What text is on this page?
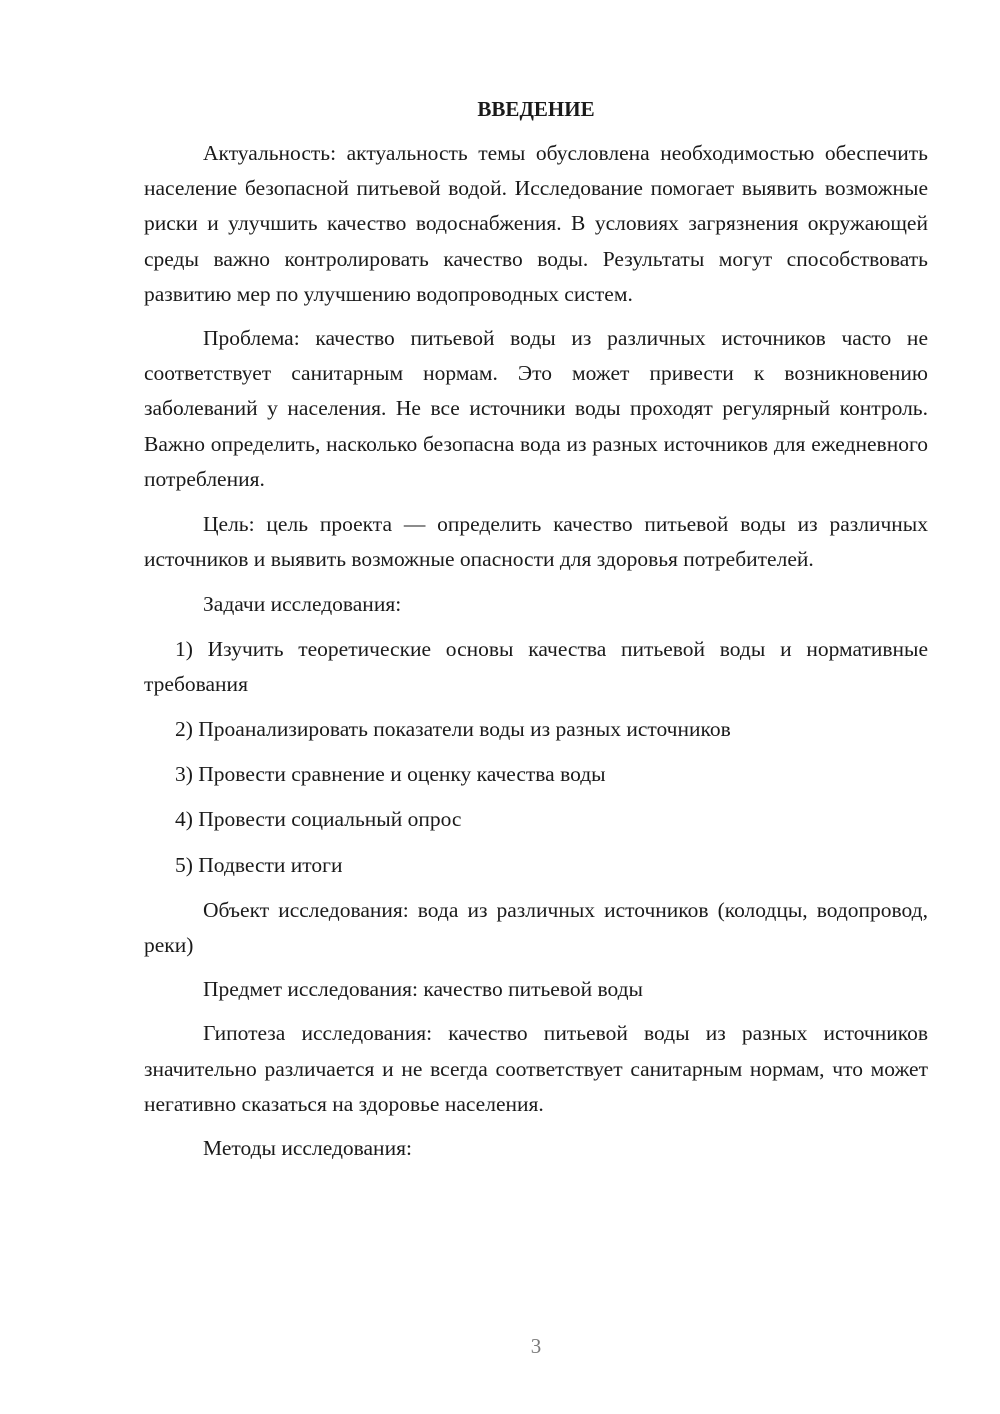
ВВЕДЕНИЕ

Актуальность: актуальность темы обусловлена необходимостью обеспечить население безопасной питьевой водой. Исследование помогает выявить возможные риски и улучшить качество водоснабжения. В условиях загрязнения окружающей среды важно контролировать качество воды. Результаты могут способствовать развитию мер по улучшению водопроводных систем.

Проблема: качество питьевой воды из различных источников часто не соответствует санитарным нормам. Это может привести к возникновению заболеваний у населения. Не все источники воды проходят регулярный контроль. Важно определить, насколько безопасна вода из разных источников для ежедневного потребления.

Цель: цель проекта — определить качество питьевой воды из различных источников и выявить возможные опасности для здоровья потребителей.

Задачи исследования:

1) Изучить теоретические основы качества питьевой воды и нормативные требования

2) Проанализировать показатели воды из разных источников

3) Провести сравнение и оценку качества воды

4) Провести социальный опрос

5) Подвести итоги

Объект исследования: вода из различных источников (колодцы, водопровод, реки)

Предмет исследования: качество питьевой воды

Гипотеза исследования: качество питьевой воды из разных источников значительно различается и не всегда соответствует санитарным нормам, что может негативно сказаться на здоровье населения.

Методы исследования:

3
